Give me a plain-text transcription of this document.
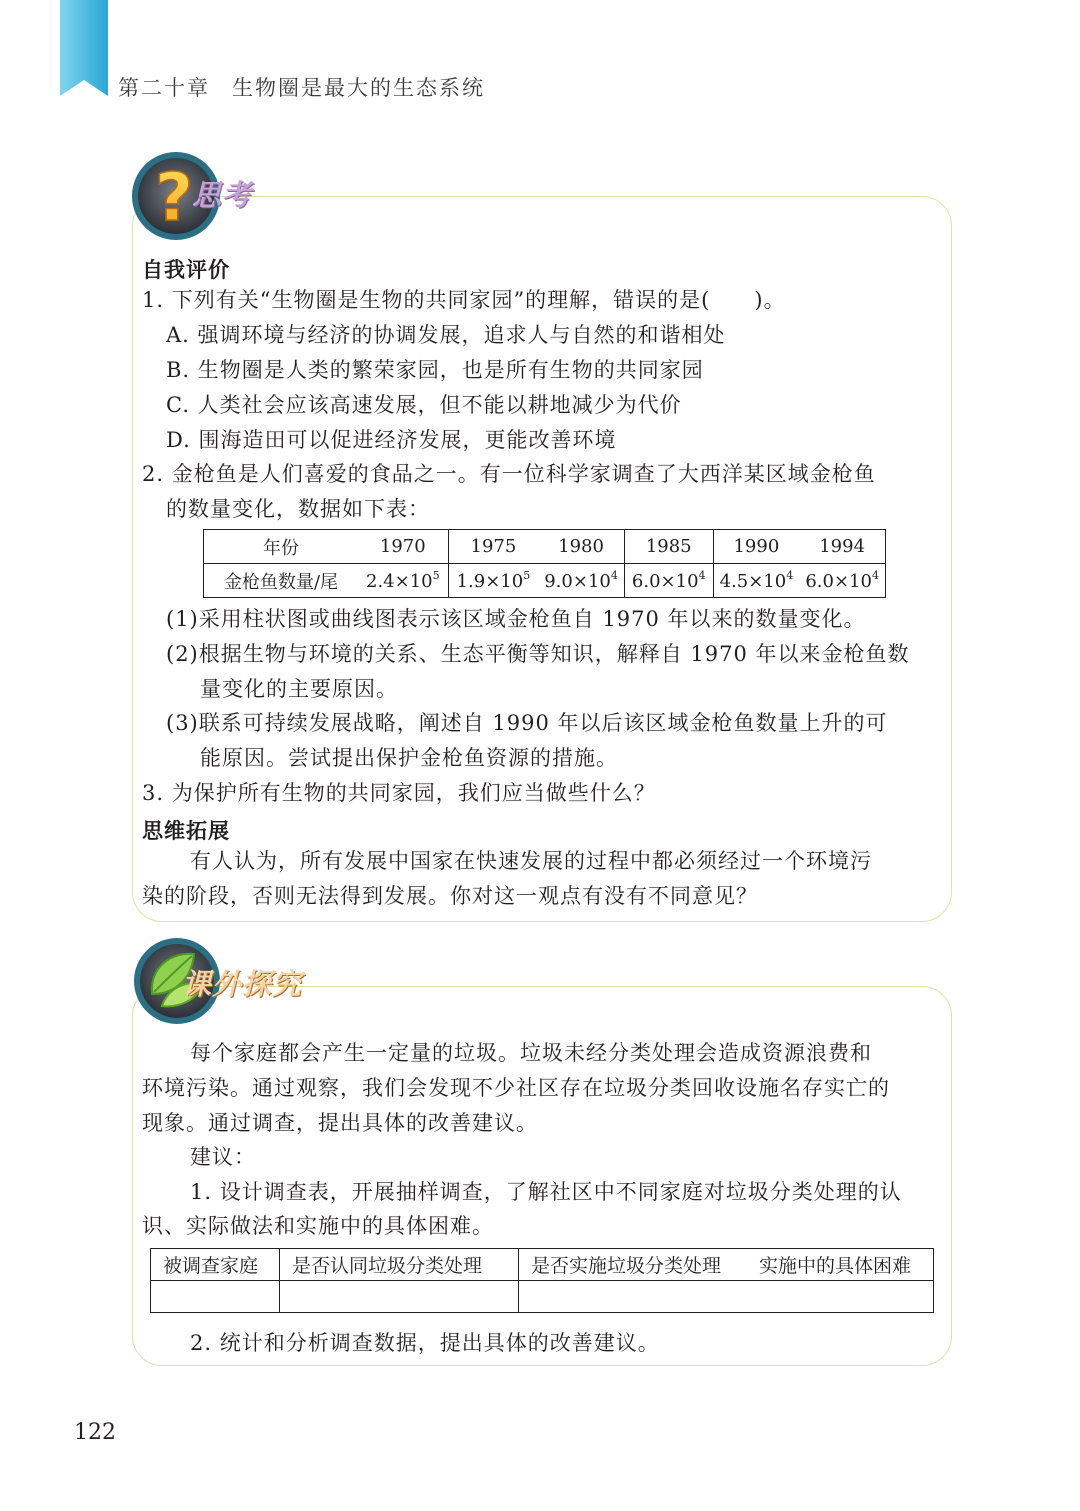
第二十章 生物圈是最大的生态系统
?
思考
自我评价
1. 下列有关“生物圈是生物的共同家园”的理解，错误的是(　　)。
A. 强调环境与经济的协调发展，追求人与自然的和谐相处
B. 生物圈是人类的繁荣家园，也是所有生物的共同家园
C. 人类社会应该高速发展，但不能以耕地减少为代价
D. 围海造田可以促进经济发展，更能改善环境
2. 金枪鱼是人们喜爱的食品之一。有一位科学家调查了大西洋某区域金枪鱼
的数量变化，数据如下表：
年份	1970	1975	1980	1985	1990	1994
金枪鱼数量/尾	$2.4\times 10^5$	$1.9\times 10^5$	$9.0\times 10^4$	$6.0\times 10^4$	$4.5\times 10^4$	$6.0\times 10^4$
(1)采用柱状图或曲线图表示该区域金枪鱼自 1970 年以来的数量变化。
(2)根据生物与环境的关系、生态平衡等知识，解释自 1970 年以来金枪鱼数
量变化的主要原因。
(3)联系可持续发展战略，阐述自 1990 年以后该区域金枪鱼数量上升的可
能原因。尝试提出保护金枪鱼资源的措施。
3. 为保护所有生物的共同家园，我们应当做些什么？
思维拓展
有人认为，所有发展中国家在快速发展的过程中都必须经过一个环境污
染的阶段，否则无法得到发展。你对这一观点有没有不同意见？
课外探究
每个家庭都会产生一定量的垃圾。垃圾未经分类处理会造成资源浪费和
环境污染。通过观察，我们会发现不少社区存在垃圾分类回收设施名存实亡的
现象。通过调查，提出具体的改善建议。
建议：
1. 设计调查表，开展抽样调查，了解社区中不同家庭对垃圾分类处理的认
识、实际做法和实施中的具体困难。
被调查家庭	是否认同垃圾分类处理	是否实施垃圾分类处理	实施中的具体困难

2. 统计和分析调查数据，提出具体的改善建议。
122
